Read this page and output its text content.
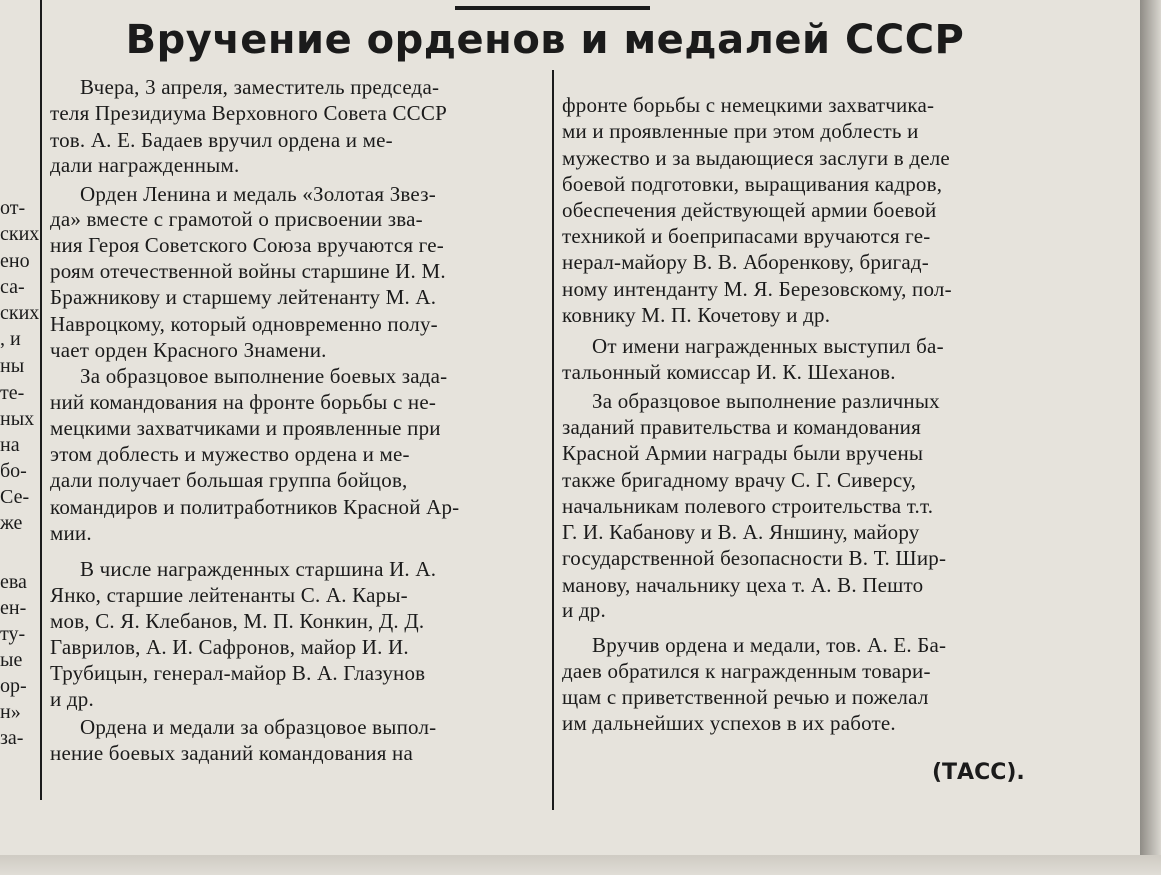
Вручение орденов и медалей СССР
от-
ских
ено
са-
ских
, и
ны
те-
ных
на
бо-
Се-
же
ева
ен-
ту-
ые
ор-
н»
за-
Вчера, 3 апреля, заместитель председа-
теля Президиума Верховного Совета СССР
тов. А. Е. Бадаев вручил ордена и ме-
дали награжденным.
Орден Ленина и медаль «Золотая Звез-
да» вместе с грамотой о присвоении зва-
ния Героя Советского Союза вручаются ге-
роям отечественной войны старшине И. М.
Бражникову и старшему лейтенанту М. А.
Навроцкому, который одновременно полу-
чает орден Красного Знамени.
За образцовое выполнение боевых зада-
ний командования на фронте борьбы с не-
мецкими захватчиками и проявленные при
этом доблесть и мужество ордена и ме-
дали получает большая группа бойцов,
командиров и политработников Красной Ар-
мии.
В числе награжденных старшина И. А.
Янко, старшие лейтенанты С. А. Кары-
мов, С. Я. Клебанов, М. П. Конкин, Д. Д.
Гаврилов, А. И. Сафронов, майор И. И.
Трубицын, генерал-майор В. А. Глазунов
и др.
Ордена и медали за образцовое выпол-
нение боевых заданий командования на
фронте борьбы с немецкими захватчика-
ми и проявленные при этом доблесть и
мужество и за выдающиеся заслуги в деле
боевой подготовки, выращивания кадров,
обеспечения действующей армии боевой
техникой и боеприпасами вручаются ге-
нерал-майору В. В. Аборенкову, бригад-
ному интенданту М. Я. Березовскому, пол-
ковнику М. П. Кочетову и др.
От имени награжденных выступил ба-
тальонный комиссар И. К. Шеханов.
За образцовое выполнение различных
заданий правительства и командования
Красной Армии награды были вручены
также бригадному врачу С. Г. Сиверсу,
начальникам полевого строительства т.т.
Г. И. Кабанову и В. А. Яншину, майору
государственной безопасности В. Т. Шир-
манову, начальнику цеха т. А. В. Пешто
и др.
Вручив ордена и медали, тов. А. Е. Ба-
даев обратился к награжденным товари-
щам с приветственной речью и пожелал
им дальнейших успехов в их работе.
(ТАСС).
